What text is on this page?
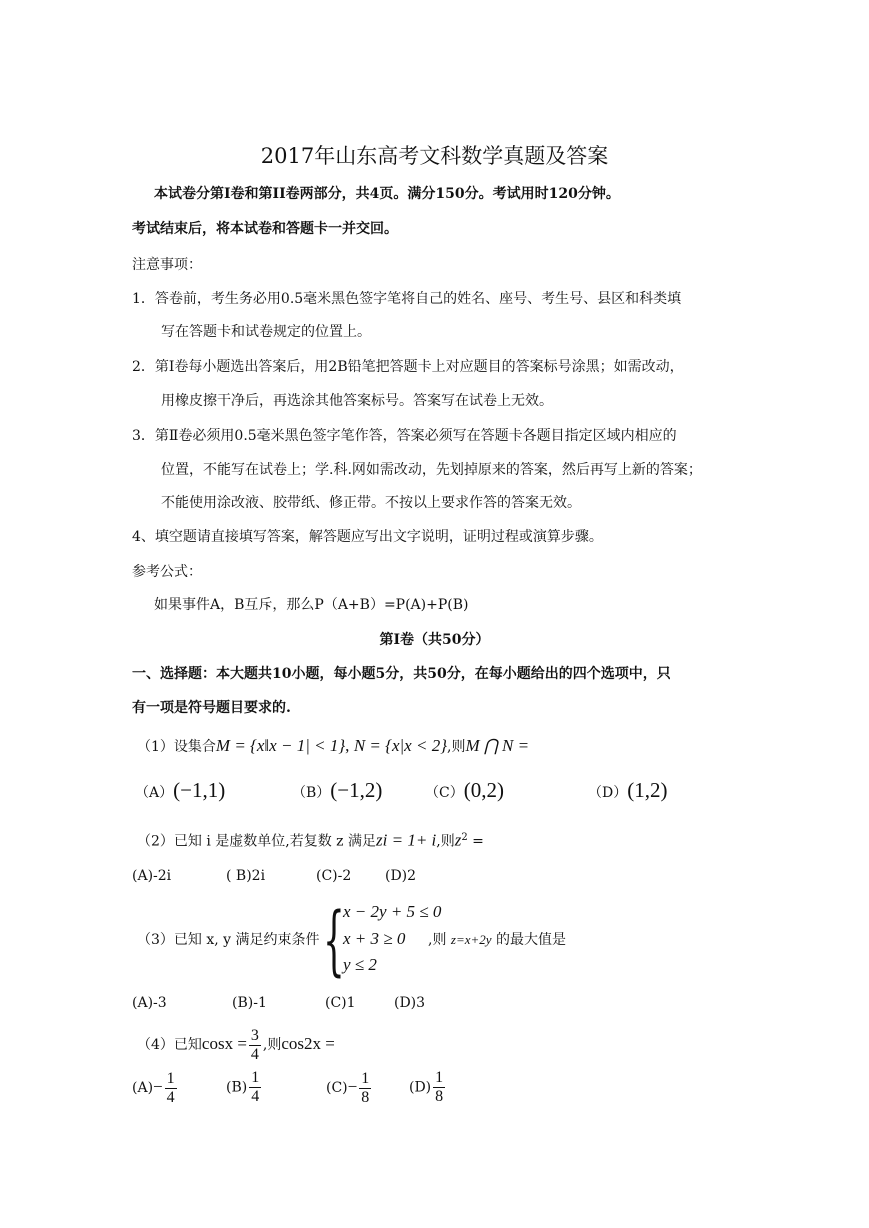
2017年山东高考文科数学真题及答案
本试卷分第Ⅰ卷和第II卷两部分，共4页。满分150分。考试用时120分钟。
考试结束后，将本试卷和答题卡一并交回。
注意事项：
1．答卷前，考生务必用0.5毫米黑色签字笔将自己的姓名、座号、考生号、县区和科类填
写在答题卡和试卷规定的位置上。
2．第Ⅰ卷每小题选出答案后，用2B铅笔把答题卡上对应题目的答案标号涂黑；如需改动，
用橡皮擦干净后，再选涂其他答案标号。答案写在试卷上无效。
3．第Ⅱ卷必须用0.5毫米黑色签字笔作答，答案必须写在答题卡各题目指定区域内相应的
位置，不能写在试卷上；学.科.网如需改动，先划掉原来的答案，然后再写上新的答案；
不能使用涂改液、胶带纸、修正带。不按以上要求作答的答案无效。
4、填空题请直接填写答案，解答题应写出文字说明，证明过程或演算步骤。
参考公式：
如果事件A，B互斥，那么P（A+B）=P(A)+P(B)
第Ⅰ卷（共50分）
一、选择题：本大题共10小题，每小题5分，共50分，在每小题给出的四个选项中，只
有一项是符号题目要求的.
（1）设集合M = {x‖x − 1| < 1}, N = {x|x < 2},则M ⋂ N =
（A）(−1,1)	（B）(−1,2)	（C）(0,2)	（D）(1,2)
（2）已知 i 是虚数单位,若复数 z 满足zi = 1+ i,则$z^2$ =
(A)-2i	( B)2i	(C)-2 (D)2
（3）已知 x, y 满足约束条件 {
x − 2y + 5 ≤ 0
x + 3 ≥ 0
y ≤ 2
,则 z=x+2y 的最大值是
(A)-3	(B)-1	(C)1	(D)3
（4）已知$\cos x = \frac{3}{4}$ ,则cos2x =
$(A)- \frac{1}{4}$	$(B) \frac{1}{4}$	$(C)- \frac{1}{8}$	$(D) \frac{1}{8}$
